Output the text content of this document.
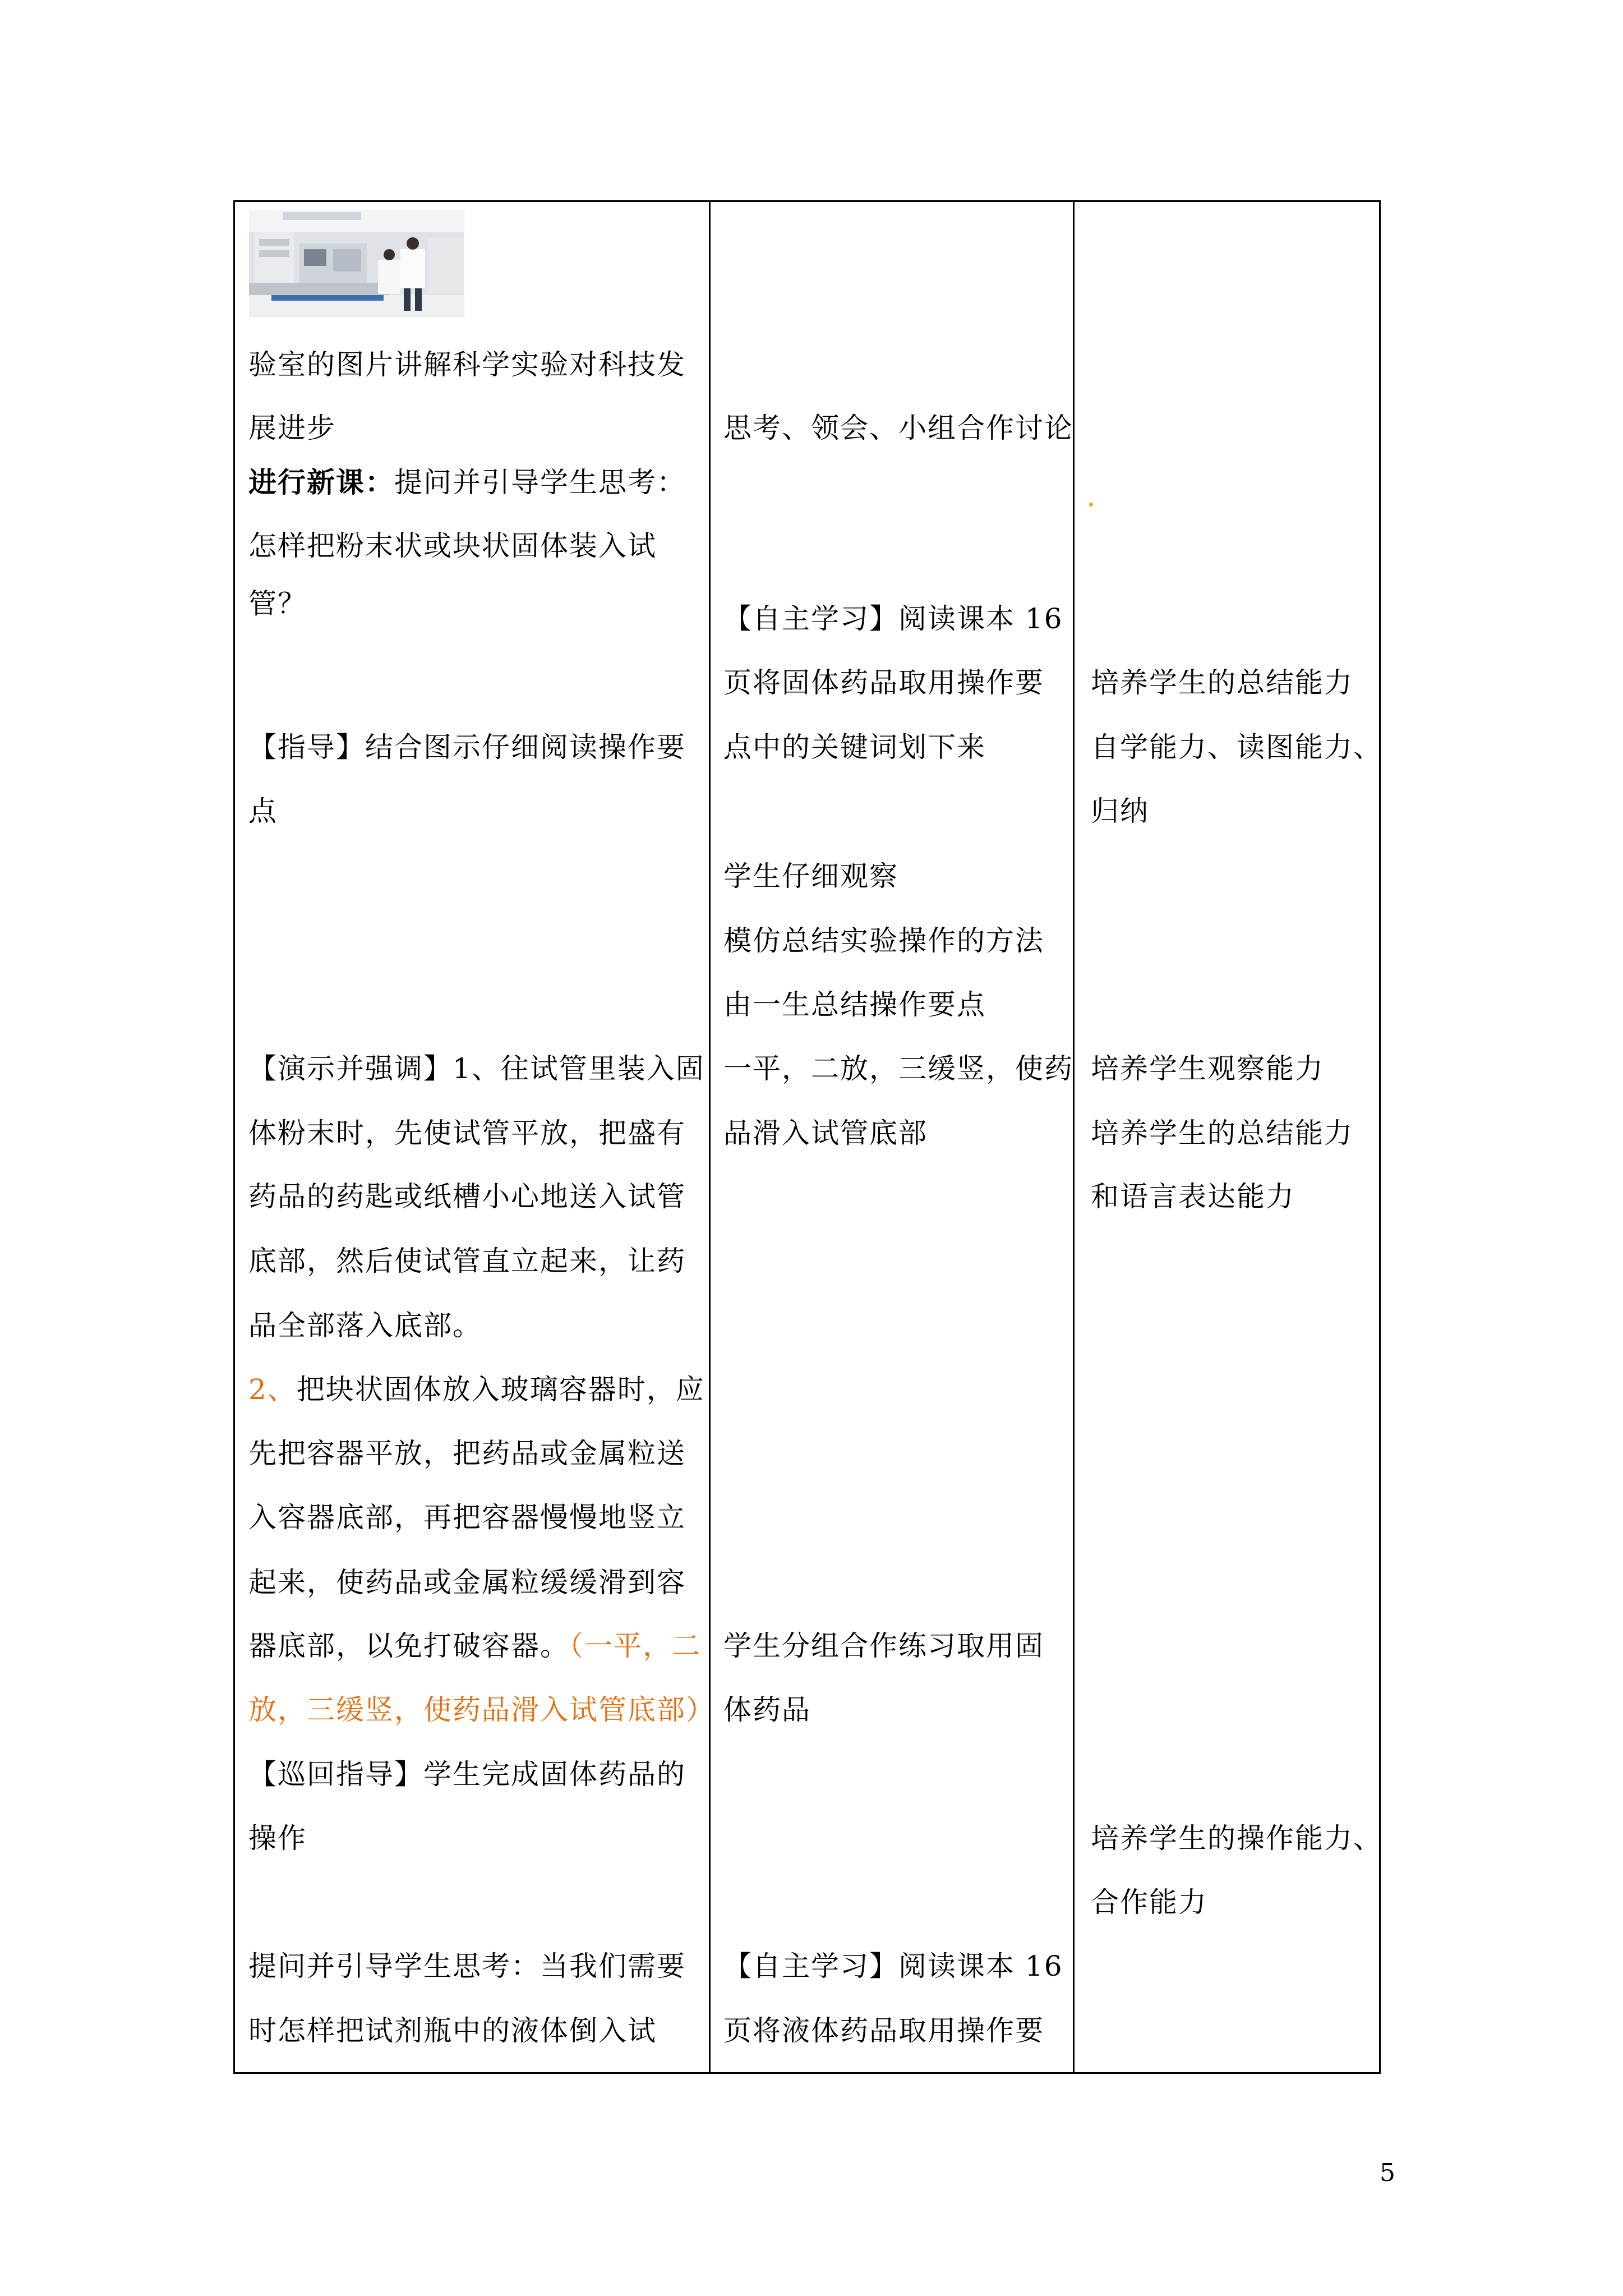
验室的图片讲解科学实验对科技发
展进步
进行新课：提问并引导学生思考：
怎样把粉末状或块状固体装入试
管？
【指导】结合图示仔细阅读操作要
点
【演示并强调】1、往试管里装入固
体粉末时，先使试管平放，把盛有
药品的药匙或纸槽小心地送入试管
底部，然后使试管直立起来，让药
品全部落入底部。
2、把块状固体放入玻璃容器时，应
先把容器平放，把药品或金属粒送
入容器底部，再把容器慢慢地竖立
起来，使药品或金属粒缓缓滑到容
器底部，以免打破容器。（一平，二
放，三缓竖，使药品滑入试管底部）
【巡回指导】学生完成固体药品的
操作
提问并引导学生思考：当我们需要
时怎样把试剂瓶中的液体倒入试
思考、领会、小组合作讨论
【自主学习】阅读课本 16
页将固体药品取用操作要
点中的关键词划下来
学生仔细观察
模仿总结实验操作的方法
由一生总结操作要点
一平，二放，三缓竖，使药
品滑入试管底部
学生分组合作练习取用固
体药品
【自主学习】阅读课本 16
页将液体药品取用操作要
培养学生的总结能力
自学能力、读图能力、
归纳
培养学生观察能力
培养学生的总结能力
和语言表达能力
培养学生的操作能力、
合作能力
5
